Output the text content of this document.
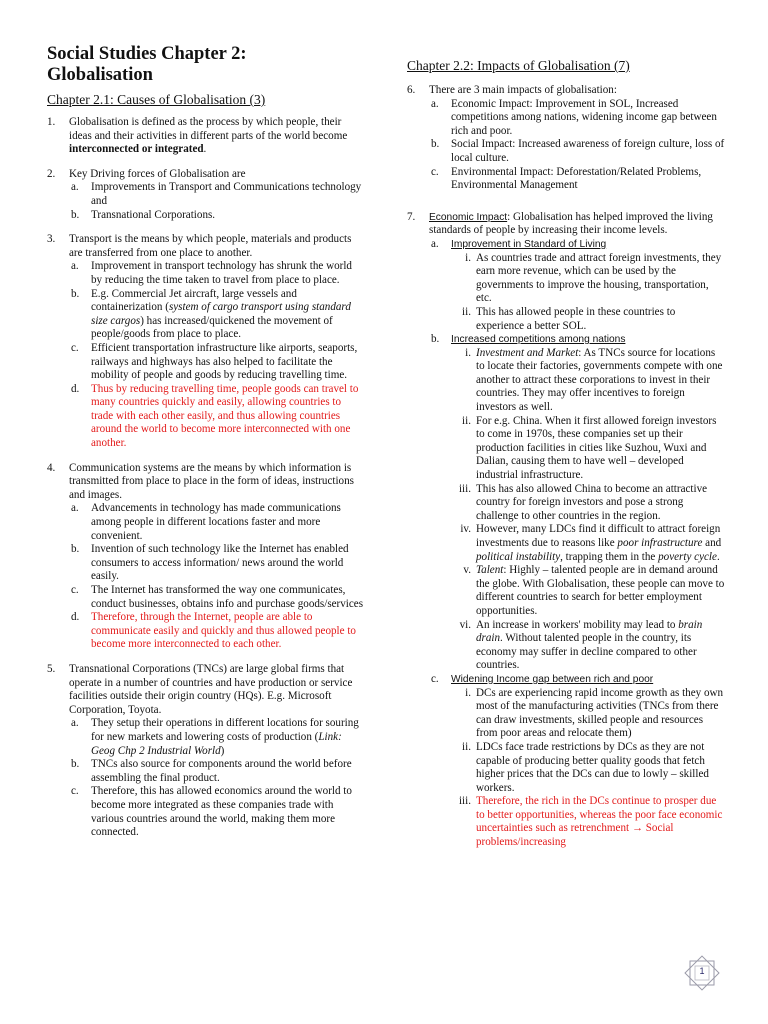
Social Studies Chapter 2:
Globalisation
Chapter 2.1: Causes of Globalisation (3)
1. Globalisation is defined as the process by which people, their ideas and their activities in different parts of the world become interconnected or integrated.
2. Key Driving forces of Globalisation are
a. Improvements in Transport and Communications technology and
b. Transnational Corporations.
3. Transport is the means by which people, materials and products are transferred from one place to another.
a. Improvement in transport technology has shrunk the world by reducing the time taken to travel from place to place.
b. E.g. Commercial Jet aircraft, large vessels and containerization (system of cargo transport using standard size cargos) has increased/quickened the movement of people/goods from place to place.
c. Efficient transportation infrastructure like airports, seaports, railways and highways has also helped to facilitate the mobility of people and goods by reducing travelling time.
d. Thus by reducing travelling time, people goods can travel to many countries quickly and easily, allowing countries to trade with each other easily, and thus allowing countries around the world to become more interconnected with one another.
4. Communication systems are the means by which information is transmitted from place to place in the form of ideas, instructions and images.
a. Advancements in technology has made communications among people in different locations faster and more convenient.
b. Invention of such technology like the Internet has enabled consumers to access information/ news around the world easily.
c. The Internet has transformed the way one communicates, conduct businesses, obtains info and purchase goods/services
d. Therefore, through the Internet, people are able to communicate easily and quickly and thus allowed people to become more interconnected to each other.
5. Transnational Corporations (TNCs) are large global firms that operate in a number of countries and have production or service facilities outside their origin country (HQs). E.g. Microsoft Corporation, Toyota.
a. They setup their operations in different locations for souring for new markets and lowering costs of production (Link: Geog Chp 2 Industrial World)
b. TNCs also source for components around the world before assembling the final product.
c. Therefore, this has allowed economics around the world to become more integrated as these companies trade with various countries around the world, making them more connected.
Chapter 2.2: Impacts of Globalisation (7)
6. There are 3 main impacts of globalisation:
a. Economic Impact: Improvement in SOL, Increased competitions among nations, widening income gap between rich and poor.
b. Social Impact: Increased awareness of foreign culture, loss of local culture.
c. Environmental Impact: Deforestation/Related Problems, Environmental Management
7. Economic Impact: Globalisation has helped improved the living standards of people by increasing their income levels.
a. Improvement in Standard of Living
i. As countries trade and attract foreign investments, they earn more revenue, which can be used by the governments to improve the housing, transportation, etc.
ii. This has allowed people in these countries to experience a better SOL.
b. Increased competitions among nations
i. Investment and Market: As TNCs source for locations to locate their factories, governments compete with one another to attract these corporations to invest in their countries. They may offer incentives to foreign investors as well.
ii. For e.g. China. When it first allowed foreign investors to come in 1970s, these companies set up their production facilities in cities like Suzhou, Wuxi and Dalian, causing them to have well – developed industrial infrastructure.
iii. This has also allowed China to become an attractive country for foreign investors and pose a strong challenge to other countries in the region.
iv. However, many LDCs find it difficult to attract foreign investments due to reasons like poor infrastructure and political instability, trapping them in the poverty cycle.
v. Talent: Highly – talented people are in demand around the globe. With Globalisation, these people can move to different countries to search for better employment opportunities.
vi. An increase in workers' mobility may lead to brain drain. Without talented people in the country, its economy may suffer in decline compared to other countries.
c. Widening Income gap between rich and poor
i. DCs are experiencing rapid income growth as they own most of the manufacturing activities (TNCs from there can draw investments, skilled people and resources from poor areas and relocate them)
ii. LDCs face trade restrictions by DCs as they are not capable of producing better quality goods that fetch higher prices that the DCs can due to lowly – skilled workers.
iii. Therefore, the rich in the DCs continue to prosper due to better opportunities, whereas the poor face economic uncertainties such as retrenchment → Social problems/increasing
1
